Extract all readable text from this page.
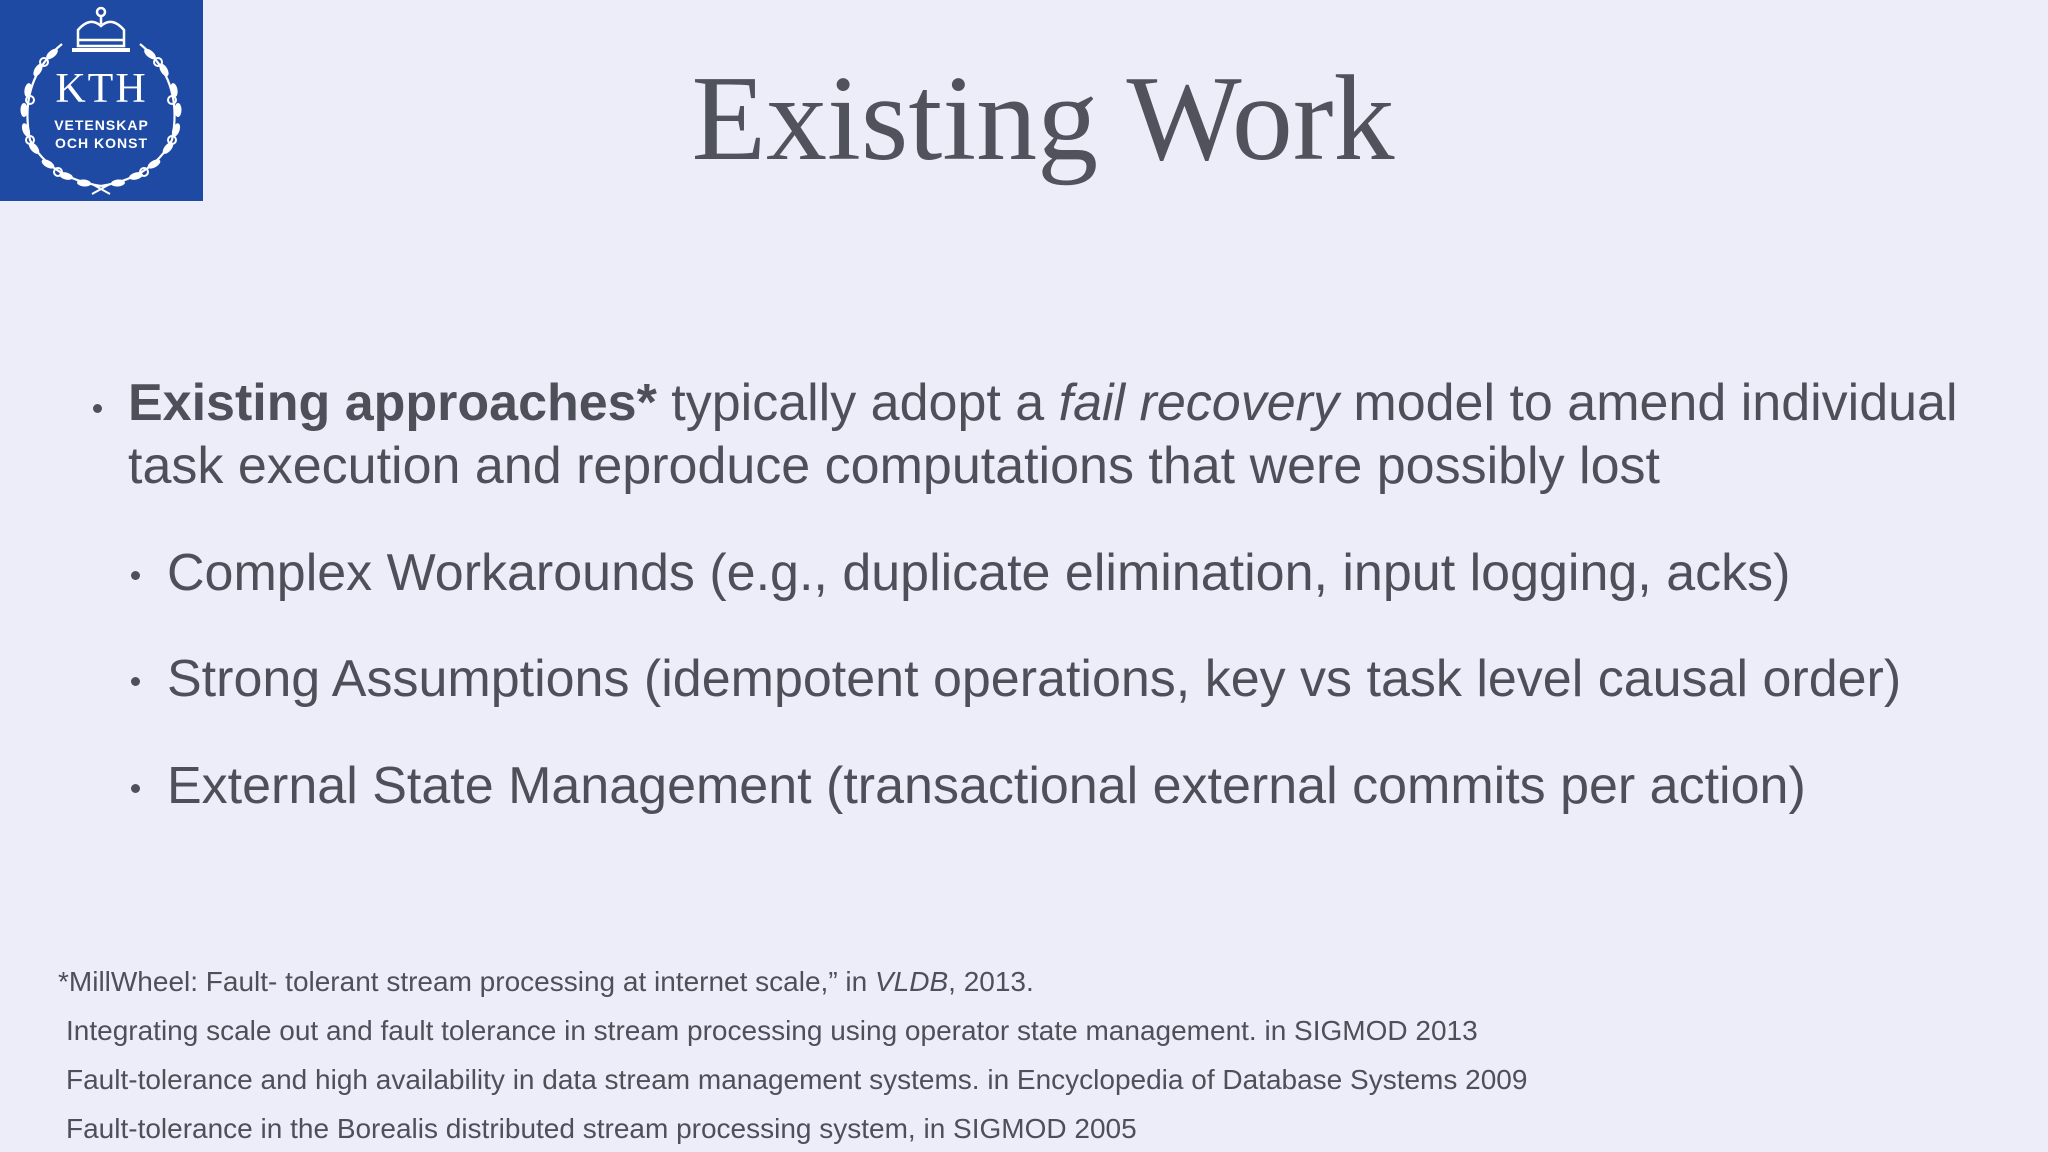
KTH
VETENSKAP
OCH KONST	Existing Work
Existing approaches* typically adopt a fail recovery model to amend individual task execution and reproduce computations that were possibly lost
Complex Workarounds (e.g., duplicate elimination, input logging, acks)
Strong Assumptions (idempotent operations, key vs task level causal order)
External State Management (transactional external commits per action)
*MillWheel: Fault- tolerant stream processing at internet scale,” in VLDB, 2013.
Integrating scale out and fault tolerance in stream processing using operator state management. in SIGMOD 2013
Fault-tolerance and high availability in data stream management systems. in Encyclopedia of Database Systems 2009
Fault-tolerance in the Borealis distributed stream processing system, in SIGMOD 2005
